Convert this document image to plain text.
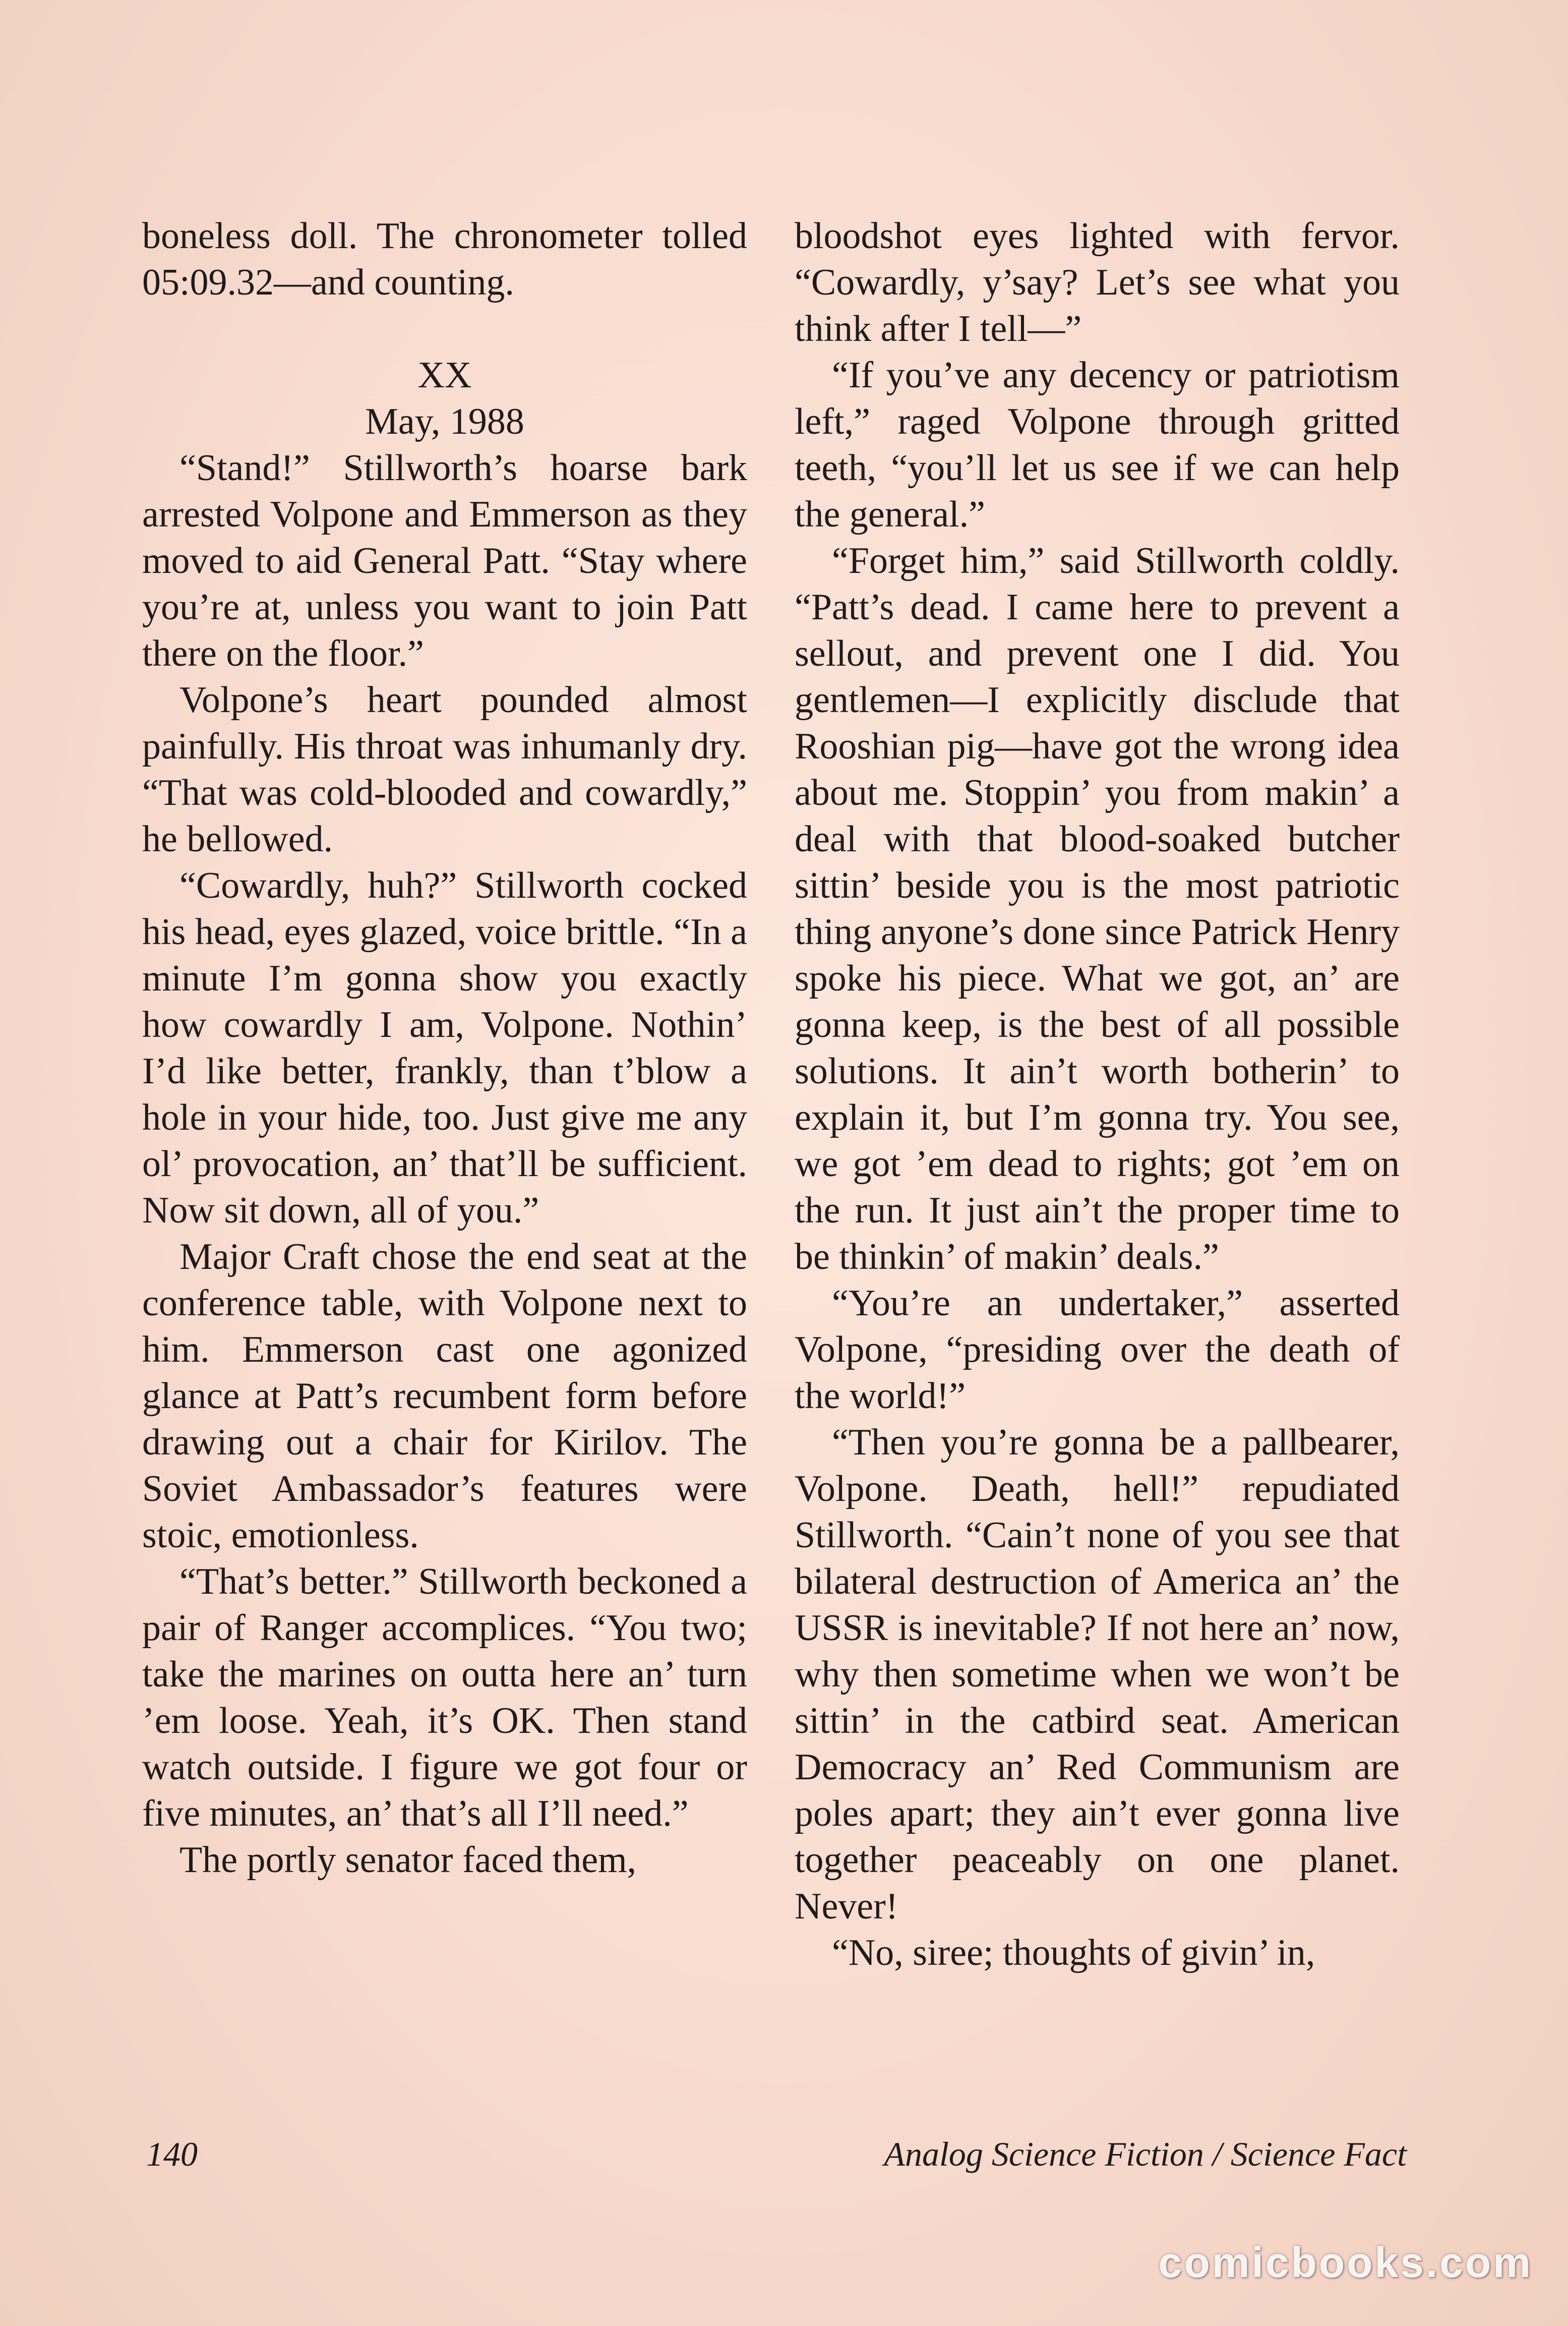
boneless doll. The chronometer tolled 05:09.32—and counting.

XX

May, 1988

“Stand!” Stillworth’s hoarse bark arrested Volpone and Emmerson as they moved to aid General Patt. “Stay where you’re at, unless you want to join Patt there on the floor.”

Volpone’s heart pounded almost painfully. His throat was inhumanly dry. “That was cold-blooded and cowardly,” he bellowed.

“Cowardly, huh?” Stillworth cocked his head, eyes glazed, voice brittle. “In a minute I’m gonna show you exactly how cowardly I am, Volpone. Nothin’ I’d like better, frankly, than t’blow a hole in your hide, too. Just give me any ol’ provocation, an’ that’ll be sufficient. Now sit down, all of you.”

Major Craft chose the end seat at the conference table, with Volpone next to him. Emmerson cast one agonized glance at Patt’s recumbent form before drawing out a chair for Kirilov. The Soviet Ambassador’s features were stoic, emotionless.

“That’s better.” Stillworth beckoned a pair of Ranger accomplices. “You two; take the marines on outta here an’ turn ’em loose. Yeah, it’s OK. Then stand watch outside. I figure we got four or five minutes, an’ that’s all I’ll need.”

The portly senator faced them,

bloodshot eyes lighted with fervor. “Cowardly, y’say? Let’s see what you think after I tell—”

“If you’ve any decency or patriotism left,” raged Volpone through gritted teeth, “you’ll let us see if we can help the general.”

“Forget him,” said Stillworth coldly. “Patt’s dead. I came here to prevent a sellout, and prevent one I did. You gentlemen—I explicitly disclude that Rooshian pig—have got the wrong idea about me. Stoppin’ you from makin’ a deal with that blood-soaked butcher sittin’ beside you is the most patriotic thing anyone’s done since Patrick Henry spoke his piece. What we got, an’ are gonna keep, is the best of all possible solutions. It ain’t worth botherin’ to explain it, but I’m gonna try. You see, we got ’em dead to rights; got ’em on the run. It just ain’t the proper time to be thinkin’ of makin’ deals.”

“You’re an undertaker,” asserted Volpone, “presiding over the death of the world!”

“Then you’re gonna be a pallbearer, Volpone. Death, hell!” repudiated Stillworth. “Cain’t none of you see that bilateral destruction of America an’ the USSR is inevitable? If not here an’ now, why then sometime when we won’t be sittin’ in the catbird seat. American Democracy an’ Red Communism are poles apart; they ain’t ever gonna live together peaceably on one planet. Never!

“No, siree; thoughts of givin’ in,

140	Analog Science Fiction / Science Fact
comicbooks.com
